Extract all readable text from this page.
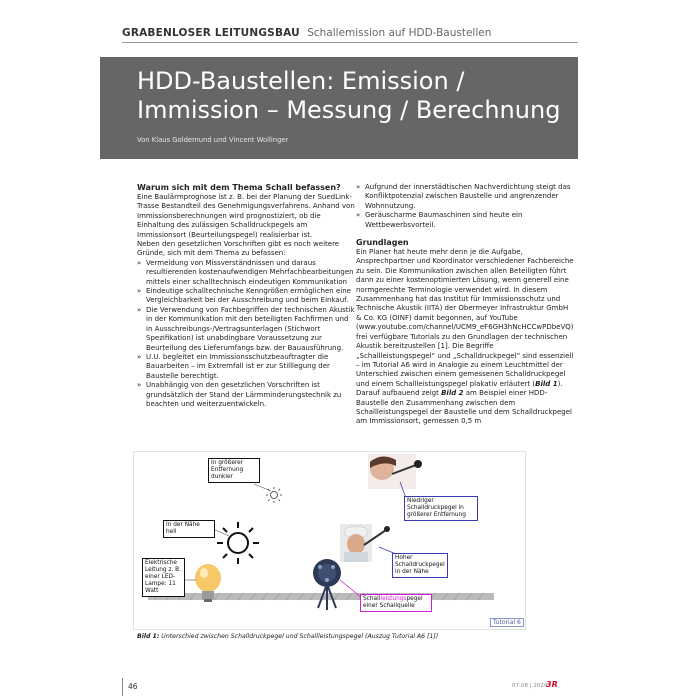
GRABENLOSER LEITUNGSBAU Schallemission auf HDD-Baustellen
HDD-Baustellen: Emission / Immission – Messung / Berechnung
Von Klaus Goldemund und Vincent Wollinger
Warum sich mit dem Thema Schall befassen?
Eine Baulärmprognose ist z. B. bei der Planung der SuedLink-Trasse Bestandteil des Genehmigungsverfahrens. Anhand von Immissionsberechnungen wird prognostiziert, ob die Einhaltung des zulässigen Schalldruckpegels am Immissionsort (Beurteilungspegel) realisierbar ist.
Neben den gesetzlichen Vorschriften gibt es noch weitere Gründe, sich mit dem Thema zu befassen:
» Vermeidung von Missverständnissen und daraus resultierenden kostenaufwendigen Mehrfachbearbeitungen mittels einer schalltechnisch eindeutigen Kommunikation
» Eindeutige schalltechnische Kenngrößen ermöglichen eine Vergleichbarkeit bei der Ausschreibung und beim Einkauf.
» Die Verwendung von Fachbegriffen der technischen Akustik in der Kommunikation mit den beteiligten Fachfirmen und in Ausschreibungs-/Vertragsunterlagen (Stichwort Spezifikation) ist unabdingbare Voraussetzung zur Beurteilung des Lieferumfangs bzw. der Bauausführung.
» U.U. begleitet ein Immissionsschutzbeauftragter die Bauarbeiten – im Extremfall ist er zur Stilllegung der Baustelle berechtigt.
» Unabhängig von den gesetzlichen Vorschriften ist grundsätzlich der Stand der Lärmminderungstechnik zu beachten und weiterzuentwickeln.
» Aufgrund der innerstädtischen Nachverdichtung steigt das Konfliktpotenzial zwischen Baustelle und angrenzender Wohnnutzung.
» Geräuscharme Baumaschinen sind heute ein Wettbewerbsvorteil.
Grundlagen
Ein Planer hat heute mehr denn je die Aufgabe, Ansprechpartner und Koordinator verschiedener Fachbereiche zu sein. Die Kommunikation zwischen allen Beteiligten führt dann zu einer kostenoptimierten Lösung, wenn generell eine normgerechte Terminologie verwendet wird. In diesem Zusammenhang hat das Institut für Immissionsschutz und Technische Akustik (IITA) der Obermeyer Infrastruktur GmbH & Co. KG (OINF) damit begonnen, auf YouTube (www.youtube.com/channel/UCM9_eF6GH3hNcHCCwPDbeVQ) frei verfügbare Tutorials zu den Grundlagen der technischen Akustik bereitzustellen [1]. Die Begriffe „Schallleistungspegel“ und „Schalldruckpegel“ sind essenziell – im Tutorial A6 wird in Analogie zu einem Leuchtmittel der Unterschied zwischen einem gemessenen Schalldruckpegel und einem Schallleistungspegel plakativ erläutert (Bild 1).
Darauf aufbauend zeigt Bild 2 am Beispiel einer HDD-Baustelle den Zusammenhang zwischen dem Schallleistungspegel der Baustelle und dem Schalldruckpegel am Immissionsort, gemessen 0,5 m
In größerer Entfernung dunkler
In der Nähe hell
Elektrische Leitung z. B. einer LED-Lampe: 11 Watt
Niedriger Schalldruckpegel in größerer Entfernung
Hoher Schalldruckpegel in der Nähe
Schallleistungspegel einer Schallquelle
Tutorial 6
Bild 1: Unterschied zwischen Schalldruckpegel und Schallleistungspegel (Auszug Tutorial A6 [1])
46	07-08 | 2024
3R
